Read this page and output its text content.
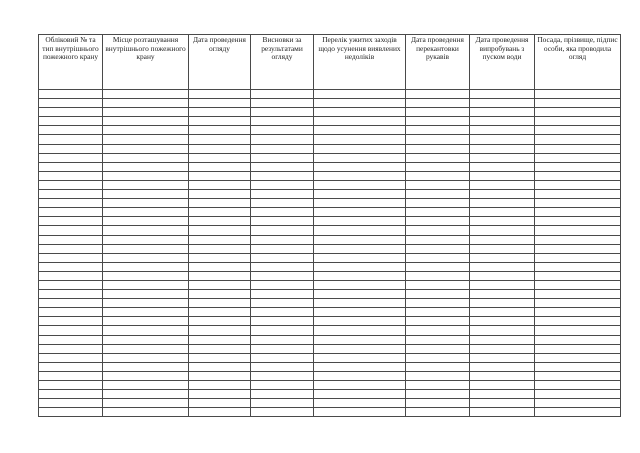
Обліковий № та тип внутрішнього пожежного крану	Місце розташування внутрішнього пожежного крану	Дата проведення огляду	Висновки за результатами огляду	Перелік ужитих заходів щодо усунення виявлених недоліків	Дата проведення перекантовки рукавів	Дата проведення випробувань з пуском води	Посада, прізвище, підпис особи, яка проводила огляд
